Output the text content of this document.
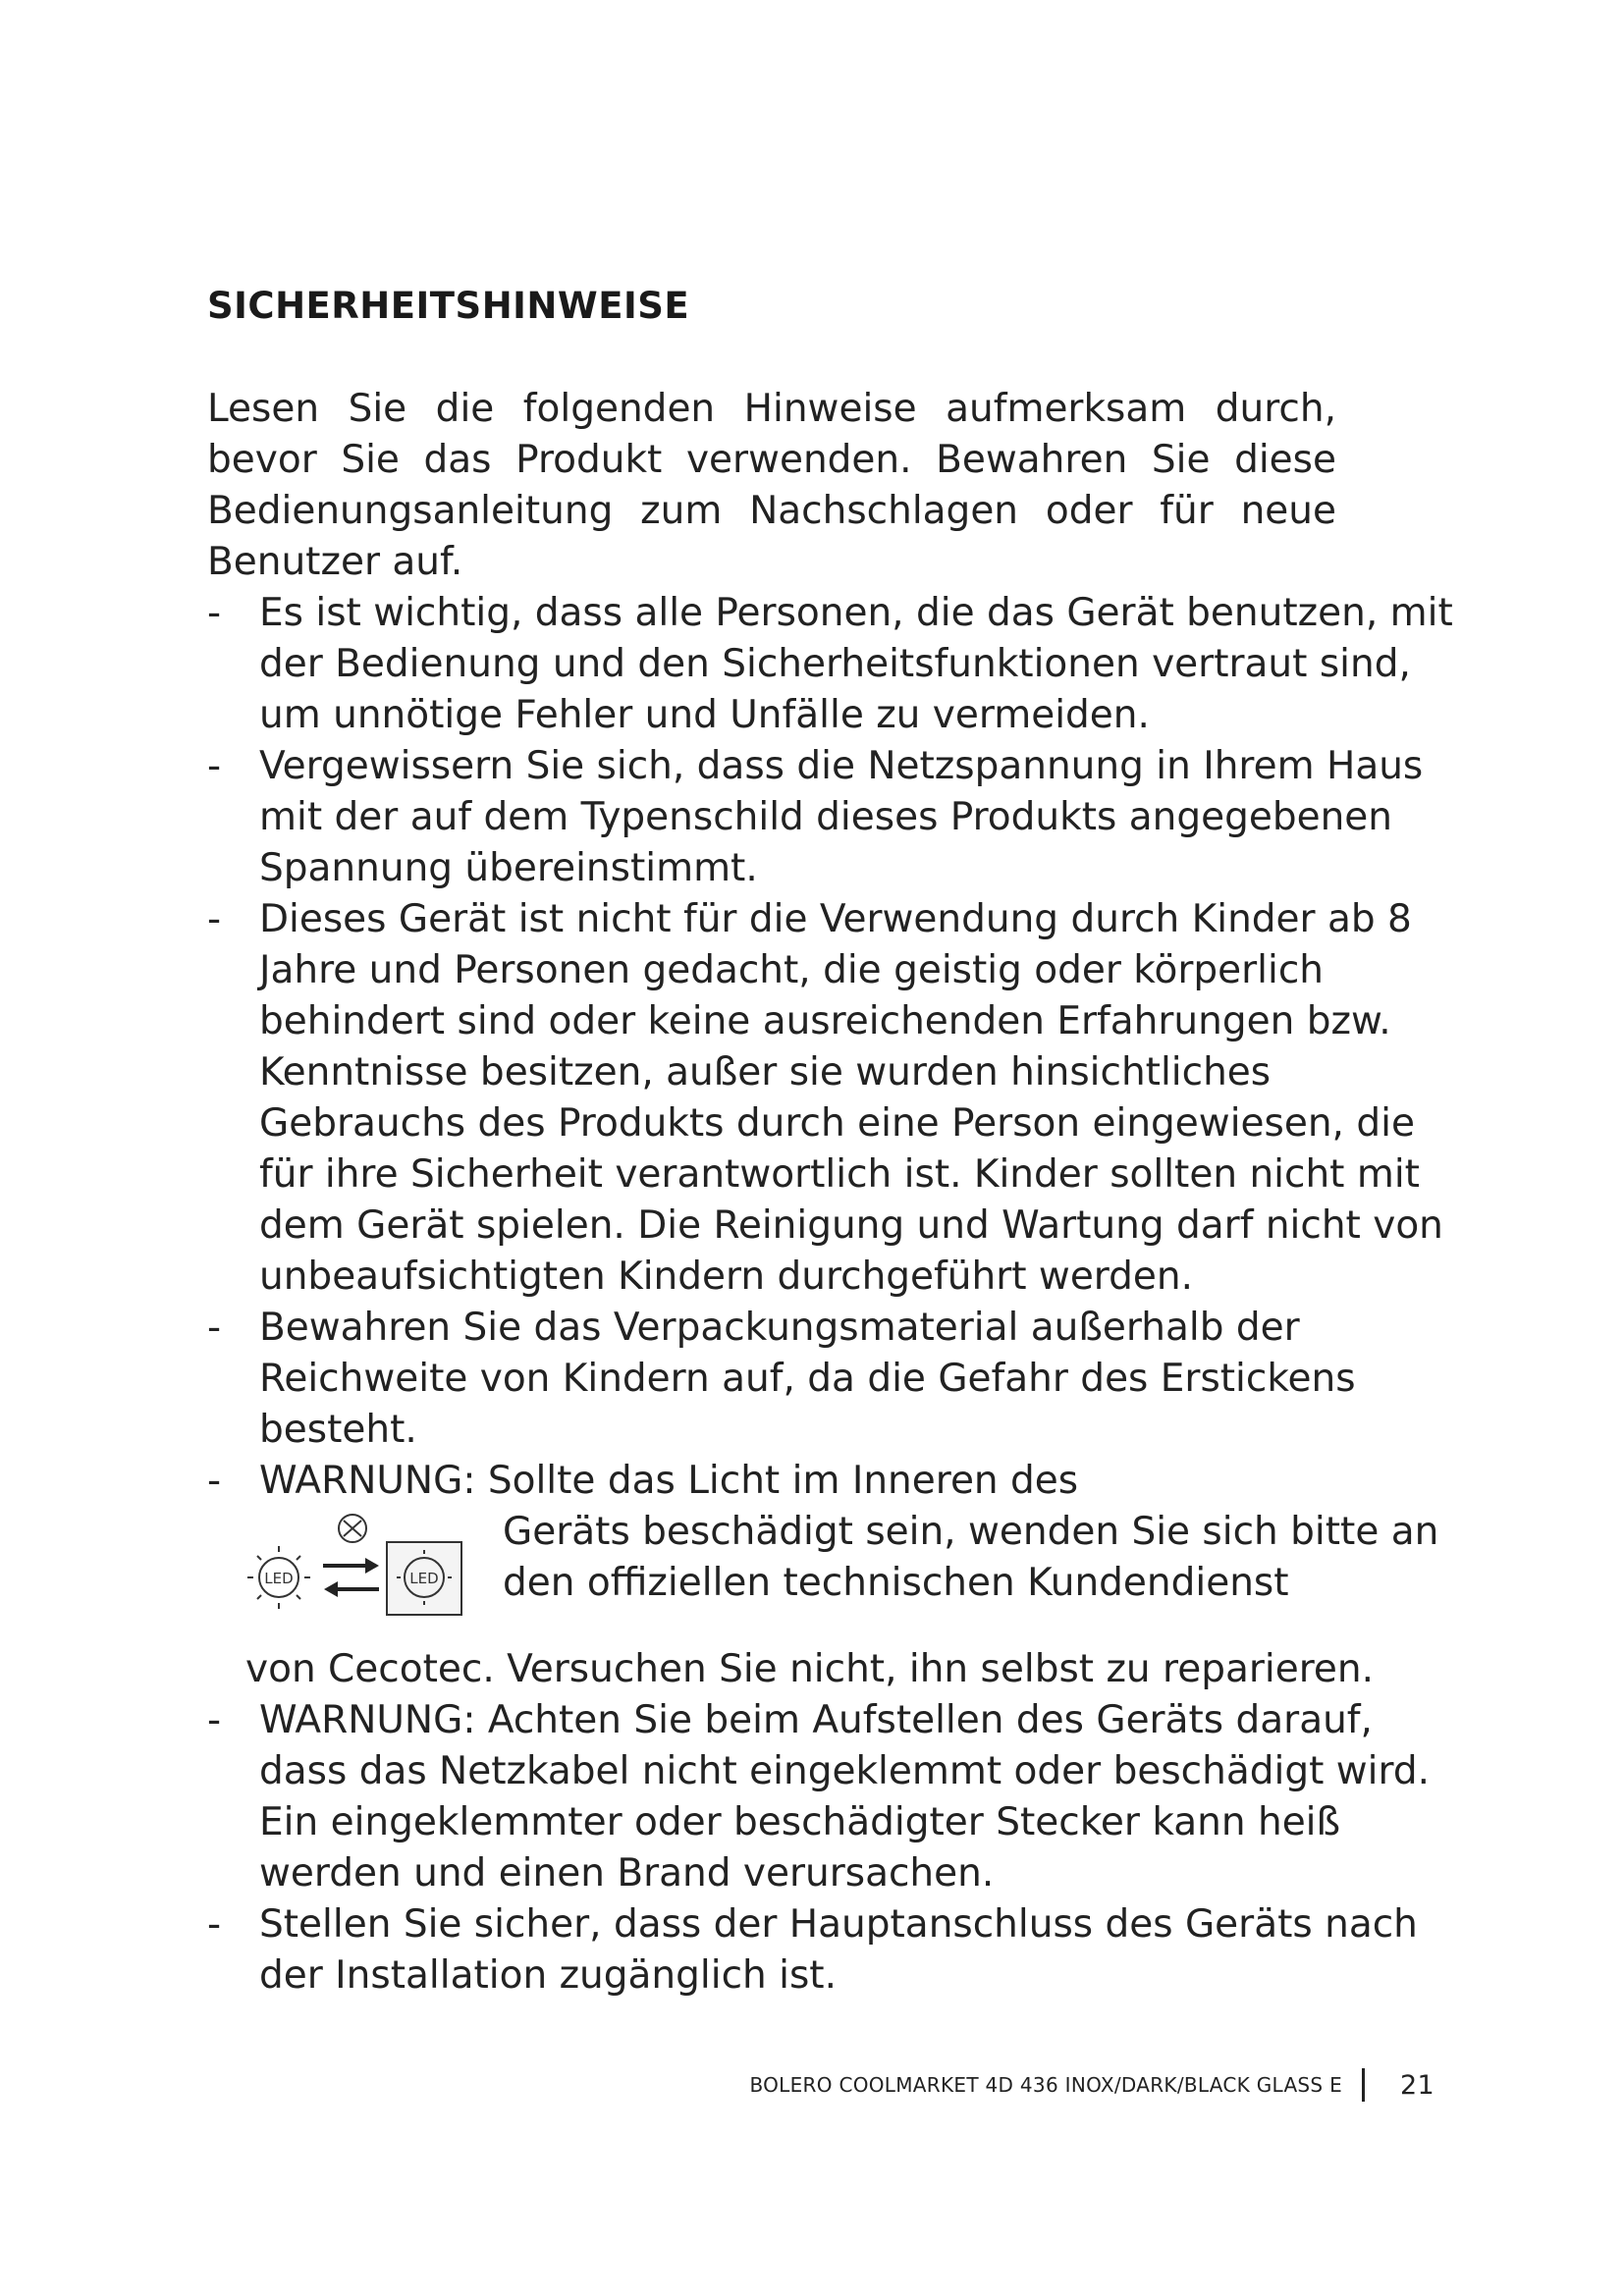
SICHERHEITSHINWEISE

Lesen Sie die folgenden Hinweise aufmerksam durch, bevor Sie das Produkt verwenden. Bewahren Sie diese Bedienungsanleitung zum Nachschlagen oder für neue Benutzer auf.

- Es ist wichtig, dass alle Personen, die das Gerät benutzen, mit der Bedienung und den Sicherheitsfunktionen vertraut sind, um unnötige Fehler und Unfälle zu vermeiden.
- Vergewissern Sie sich, dass die Netzspannung in Ihrem Haus mit der auf dem Typenschild dieses Produkts angegebenen Spannung übereinstimmt.
- Dieses Gerät ist nicht für die Verwendung durch Kinder ab 8 Jahre und Personen gedacht, die geistig oder körperlich behindert sind oder keine ausreichenden Erfahrungen bzw. Kenntnisse besitzen, außer sie wurden hinsichtliches Gebrauchs des Produkts durch eine Person eingewiesen, die für ihre Sicherheit verantwortlich ist. Kinder sollten nicht mit dem Gerät spielen. Die Reinigung und Wartung darf nicht von unbeaufsichtigten Kindern durchgeführt werden.
- Bewahren Sie das Verpackungsmaterial außerhalb der Reichweite von Kindern auf, da die Gefahr des Erstickens besteht.
- WARNUNG: Sollte das Licht im Inneren des
LED	LED
Geräts beschädigt sein, wenden Sie sich bitte an den offiziellen technischen Kundendienst
von Cecotec. Versuchen Sie nicht, ihn selbst zu reparieren.
- WARNUNG: Achten Sie beim Aufstellen des Geräts darauf, dass das Netzkabel nicht eingeklemmt oder beschädigt wird. Ein eingeklemmter oder beschädigter Stecker kann heiß werden und einen Brand verursachen.
- Stellen Sie sicher, dass der Hauptanschluss des Geräts nach der Installation zugänglich ist.
BOLERO COOLMARKET 4D 436 INOX/DARK/BLACK GLASS E 21
